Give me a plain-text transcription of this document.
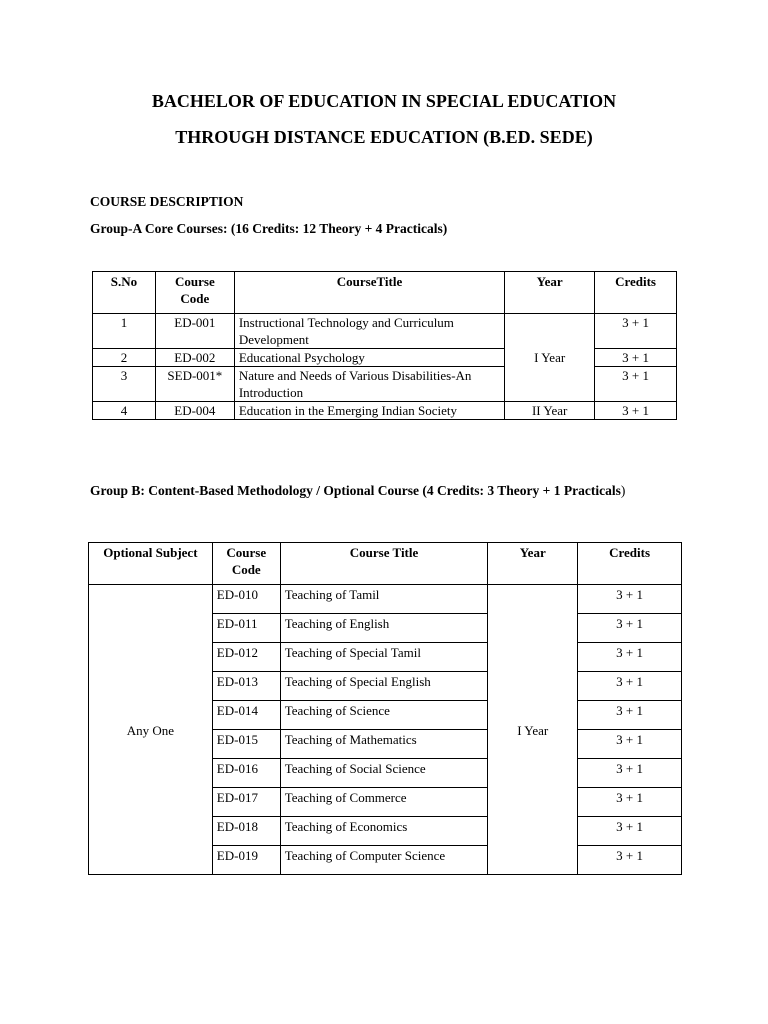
BACHELOR OF EDUCATION IN SPECIAL EDUCATION
THROUGH DISTANCE EDUCATION (B.ED. SEDE)

COURSE DESCRIPTION

Group-A Core Courses: (16 Credits: 12 Theory + 4 Practicals)

S.No	Course Code	CourseTitle	Year	Credits
1	ED-001	Instructional Technology and Curriculum Development	I Year	3 + 1
2	ED-002	Educational Psychology		3 + 1
3	SED-001*	Nature and Needs of Various Disabilities-An Introduction		3 + 1
4	ED-004	Education in the Emerging Indian Society	II Year	3 + 1

Group B: Content-Based Methodology / Optional Course (4 Credits: 3 Theory + 1 Practicals)

Optional Subject	Course Code	Course Title	Year	Credits
Any One	ED-010	Teaching of Tamil	I Year	3 + 1
	ED-011	Teaching of English		3 + 1
	ED-012	Teaching of Special Tamil		3 + 1
	ED-013	Teaching of Special English		3 + 1
	ED-014	Teaching of Science		3 + 1
	ED-015	Teaching of Mathematics		3 + 1
	ED-016	Teaching of Social Science		3 + 1
	ED-017	Teaching of Commerce		3 + 1
	ED-018	Teaching of Economics		3 + 1
	ED-019	Teaching of Computer Science		3 + 1
